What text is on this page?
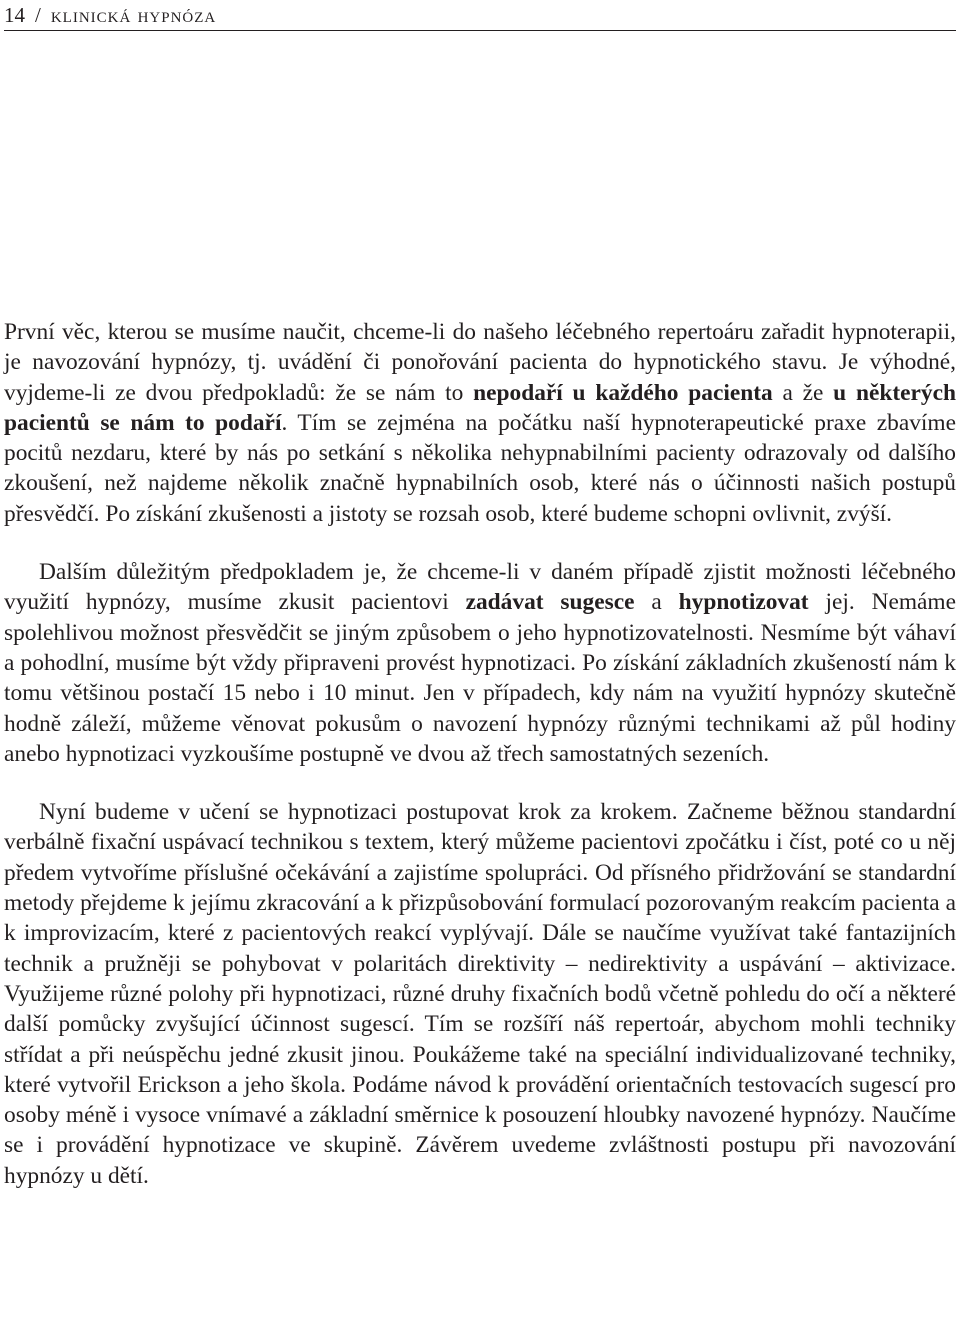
14 / klinická hypnóza

První věc, kterou se musíme naučit, chceme-li do našeho léčebného repertoáru zařadit hypnoterapii, je navozování hypnózy, tj. uvádění či ponořování pacienta do hypnotického stavu. Je výhodné, vyjdeme-li ze dvou předpokladů: že se nám to nepodaří u každého pacienta a že u některých pacientů se nám to podaří. Tím se zejména na počátku naší hypnoterapeutické praxe zbavíme pocitů nezdaru, které by nás po setkání s několika nehypnabilními pacienty odrazovaly od dalšího zkoušení, než najdeme několik značně hypnabilních osob, které nás o účinnosti našich postupů přesvědčí. Po získání zkušenosti a jistoty se rozsah osob, které budeme schopni ovlivnit, zvýší.

Dalším důležitým předpokladem je, že chceme-li v daném případě zjistit možnosti léčebného využití hypnózy, musíme zkusit pacientovi zadávat sugesce a hypnotizovat jej. Nemáme spolehlivou možnost přesvědčit se jiným způsobem o jeho hypnotizovatelnosti. Nesmíme být váhaví a pohodlní, musíme být vždy připraveni provést hypnotizaci. Po získání základních zkušeností nám k tomu většinou postačí 15 nebo i 10 minut. Jen v případech, kdy nám na využití hypnózy skutečně hodně záleží, můžeme věnovat pokusům o navození hypnózy různými technikami až půl hodiny anebo hypnotizaci vyzkoušíme postupně ve dvou až třech samostatných sezeních.

Nyní budeme v učení se hypnotizaci postupovat krok za krokem. Začneme běžnou standardní verbálně fixační uspávací technikou s textem, který můžeme pacientovi zpočátku i číst, poté co u něj předem vytvoříme příslušné očekávání a zajistíme spolupráci. Od přísného přidržování se standardní metody přejdeme k jejímu zkracování a k přizpůsobování formulací pozorovaným reakcím pacienta a k improvizacím, které z pacientových reakcí vyplývají. Dále se naučíme využívat také fantazijních technik a pružněji se pohybovat v polaritách direktivity – nedirektivity a uspávání – aktivizace. Využijeme různé polohy při hypnotizaci, různé druhy fixačních bodů včetně pohledu do očí a některé další pomůcky zvyšující účinnost sugescí. Tím se rozšíří náš repertoár, abychom mohli techniky střídat a při neúspěchu jedné zkusit jinou. Poukážeme také na speciální individualizované techniky, které vytvořil Erickson a jeho škola. Podáme návod k provádění orientačních testovacích sugescí pro osoby méně i vysoce vnímavé a základní směrnice k posouzení hloubky navozené hypnózy. Naučíme se i provádění hypnotizace ve skupině. Závěrem uvedeme zvláštnosti postupu při navozování hypnózy u dětí.
